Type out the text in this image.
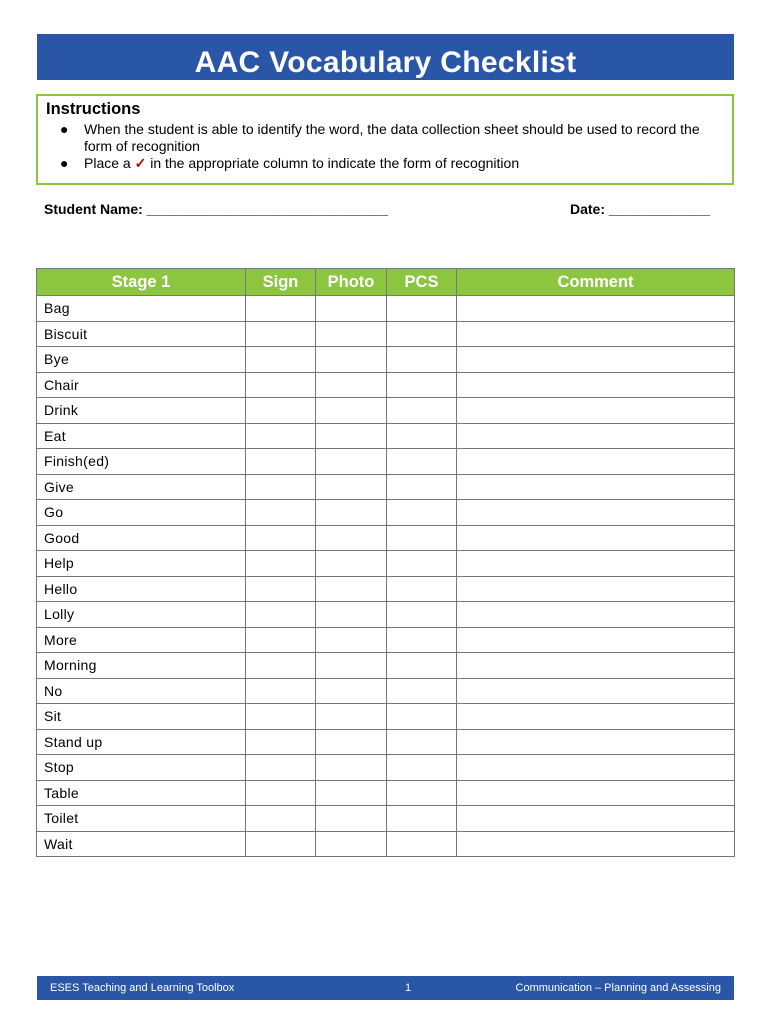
AAC Vocabulary Checklist
Instructions
● When the student is able to identify the word, the data collection sheet should be used to record the form of recognition
● Place a ✓ in the appropriate column to indicate the form of recognition
Student Name: _______________________________	Date: _____________
Stage 1	Sign	Photo	PCS	Comment
Bag				
Biscuit				
Bye				
Chair				
Drink				
Eat				
Finish(ed)				
Give				
Go				
Good				
Help				
Hello				
Lolly				
More				
Morning				
No				
Sit				
Stand up				
Stop				
Table				
Toilet				
Wait				
ESES Teaching and Learning Toolbox	1	Communication – Planning and Assessing
